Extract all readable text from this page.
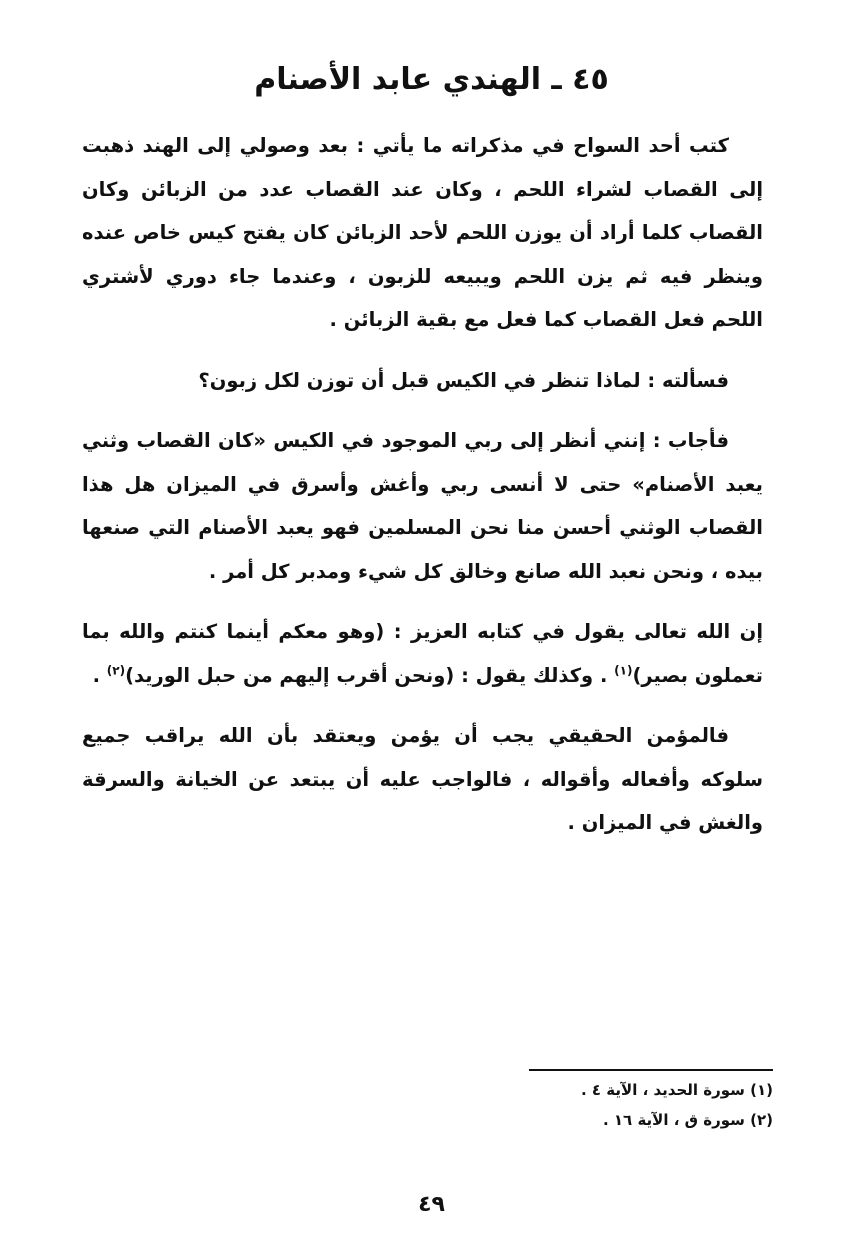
٤٥ ـ الهندي عابد الأصنام

كتب أحد السواح في مذكراته ما يأتي : بعد وصولي إلى الهند ذهبت إلى القصاب لشراء اللحم ، وكان عند القصاب عدد من الزبائن وكان القصاب كلما أراد أن يوزن اللحم لأحد الزبائن كان يفتح كيس خاص عنده وينظر فيه ثم يزن اللحم ويبيعه للزبون ، وعندما جاء دوري لأشتري اللحم فعل القصاب كما فعل مع بقية الزبائن .

فسألته : لماذا تنظر في الكيس قبل أن توزن لكل زبون؟

فأجاب : إنني أنظر إلى ربي الموجود في الكيس «كان القصاب وثني يعبد الأصنام» حتى لا أنسى ربي وأغش وأسرق في الميزان هل هذا القصاب الوثني أحسن منا نحن المسلمين فهو يعبد الأصنام التي صنعها بيده ، ونحن نعبد الله صانع وخالق كل شيء ومدبر كل أمر .

إن الله تعالى يقول في كتابه العزيز : (وهو معكم أينما كنتم والله بما تعملون بصير)$^{(١)}$ . وكذلك يقول : (ونحن أقرب إليهم من حبل الوريد)$^{(٢)}$ .

فالمؤمن الحقيقي يجب أن يؤمن ويعتقد بأن الله يراقب جميع سلوكه وأفعاله وأقواله ، فالواجب عليه أن يبتعد عن الخيانة والسرقة والغش في الميزان .

(١) سورة الحديد ، الآية ٤ .
(٢) سورة ق ، الآية ١٦ .
٤٩
